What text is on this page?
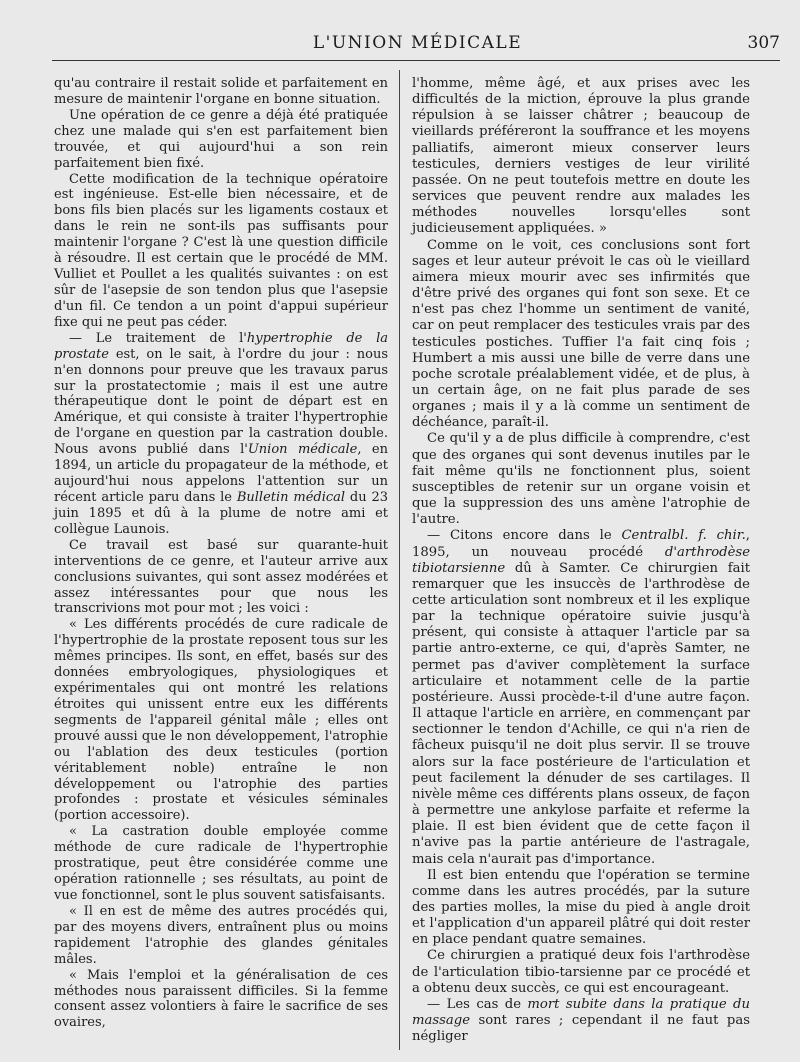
L'UNION MÉDICALE	307

qu'au contraire il restait solide et parfaitement en mesure de maintenir l'organe en bonne situation.

Une opération de ce genre a déjà été pratiquée chez une malade qui s'en est parfaitement bien trouvée, et qui aujourd'hui a son rein parfaitement bien fixé.

Cette modification de la technique opératoire est ingénieuse. Est-elle bien nécessaire, et de bons fils bien placés sur les ligaments costaux et dans le rein ne sont-ils pas suffisants pour maintenir l'organe ? C'est là une question difficile à résoudre. Il est certain que le procédé de MM. Vulliet et Poullet a les qualités suivantes : on est sûr de l'asepsie de son tendon plus que l'asepsie d'un fil. Ce tendon a un point d'appui supérieur fixe qui ne peut pas céder.

— Le traitement de l'hypertrophie de la prostate est, on le sait, à l'ordre du jour : nous n'en donnons pour preuve que les travaux parus sur la prostatectomie ; mais il est une autre thérapeutique dont le point de départ est en Amérique, et qui consiste à traiter l'hypertrophie de l'organe en question par la castration double. Nous avons publié dans l'Union médicale, en 1894, un article du propagateur de la méthode, et aujourd'hui nous appelons l'attention sur un récent article paru dans le Bulletin médical du 23 juin 1895 et dû à la plume de notre ami et collègue Launois.

Ce travail est basé sur quarante-huit interventions de ce genre, et l'auteur arrive aux conclusions suivantes, qui sont assez modérées et assez intéressantes pour que nous les transcrivions mot pour mot ; les voici :

« Les différents procédés de cure radicale de l'hypertrophie de la prostate reposent tous sur les mêmes principes. Ils sont, en effet, basés sur des données embryologiques, physiologiques et expérimentales qui ont montré les relations étroites qui unissent entre eux les différents segments de l'appareil génital mâle ; elles ont prouvé aussi que le non développement, l'atrophie ou l'ablation des deux testicules (portion véritablement noble) entraîne le non développement ou l'atrophie des parties profondes : prostate et vésicules séminales (portion accessoire).

« La castration double employée comme méthode de cure radicale de l'hypertrophie prostratique, peut être considérée comme une opération rationnelle ; ses résultats, au point de vue fonctionnel, sont le plus souvent satisfaisants.

« Il en est de même des autres procédés qui, par des moyens divers, entraînent plus ou moins rapidement l'atrophie des glandes génitales mâles.

« Mais l'emploi et la généralisation de ces méthodes nous paraissent difficiles. Si la femme consent assez volontiers à faire le sacrifice de ses ovaires,

l'homme, même âgé, et aux prises avec les difficultés de la miction, éprouve la plus grande répulsion à se laisser châtrer ; beaucoup de vieillards préféreront la souffrance et les moyens palliatifs, aimeront mieux conserver leurs testicules, derniers vestiges de leur virilité passée. On ne peut toutefois mettre en doute les services que peuvent rendre aux malades les méthodes nouvelles lorsqu'elles sont judicieusement appliquées. »

Comme on le voit, ces conclusions sont fort sages et leur auteur prévoit le cas où le vieillard aimera mieux mourir avec ses infirmités que d'être privé des organes qui font son sexe. Et ce n'est pas chez l'homme un sentiment de vanité, car on peut remplacer des testicules vrais par des testicules postiches. Tuffier l'a fait cinq fois ; Humbert a mis aussi une bille de verre dans une poche scrotale préalablement vidée, et de plus, à un certain âge, on ne fait plus parade de ses organes ; mais il y a là comme un sentiment de déchéance, paraît-il.

Ce qu'il y a de plus difficile à comprendre, c'est que des organes qui sont devenus inutiles par le fait même qu'ils ne fonctionnent plus, soient susceptibles de retenir sur un organe voisin et que la suppression des uns amène l'atrophie de l'autre.

— Citons encore dans le Centralbl. f. chir., 1895, un nouveau procédé d'arthrodèse tibiotarsienne dû à Samter. Ce chirurgien fait remarquer que les insuccès de l'arthrodèse de cette articulation sont nombreux et il les explique par la technique opératoire suivie jusqu'à présent, qui consiste à attaquer l'article par sa partie antro-externe, ce qui, d'après Samter, ne permet pas d'aviver complètement la surface articulaire et notamment celle de la partie postérieure. Aussi procède-t-il d'une autre façon. Il attaque l'article en arrière, en commençant par sectionner le tendon d'Achille, ce qui n'a rien de fâcheux puisqu'il ne doit plus servir. Il se trouve alors sur la face postérieure de l'articulation et peut facilement la dénuder de ses cartilages. Il nivèle même ces différents plans osseux, de façon à permettre une ankylose parfaite et referme la plaie. Il est bien évident que de cette façon il n'avive pas la partie antérieure de l'astragale, mais cela n'aurait pas d'importance.

Il est bien entendu que l'opération se termine comme dans les autres procédés, par la suture des parties molles, la mise du pied à angle droit et l'application d'un appareil plâtré qui doit rester en place pendant quatre semaines.

Ce chirurgien a pratiqué deux fois l'arthrodèse de l'articulation tibio-tarsienne par ce procédé et a obtenu deux succès, ce qui est encourageant.

— Les cas de mort subite dans la pratique du massage sont rares ; cependant il ne faut pas négliger
